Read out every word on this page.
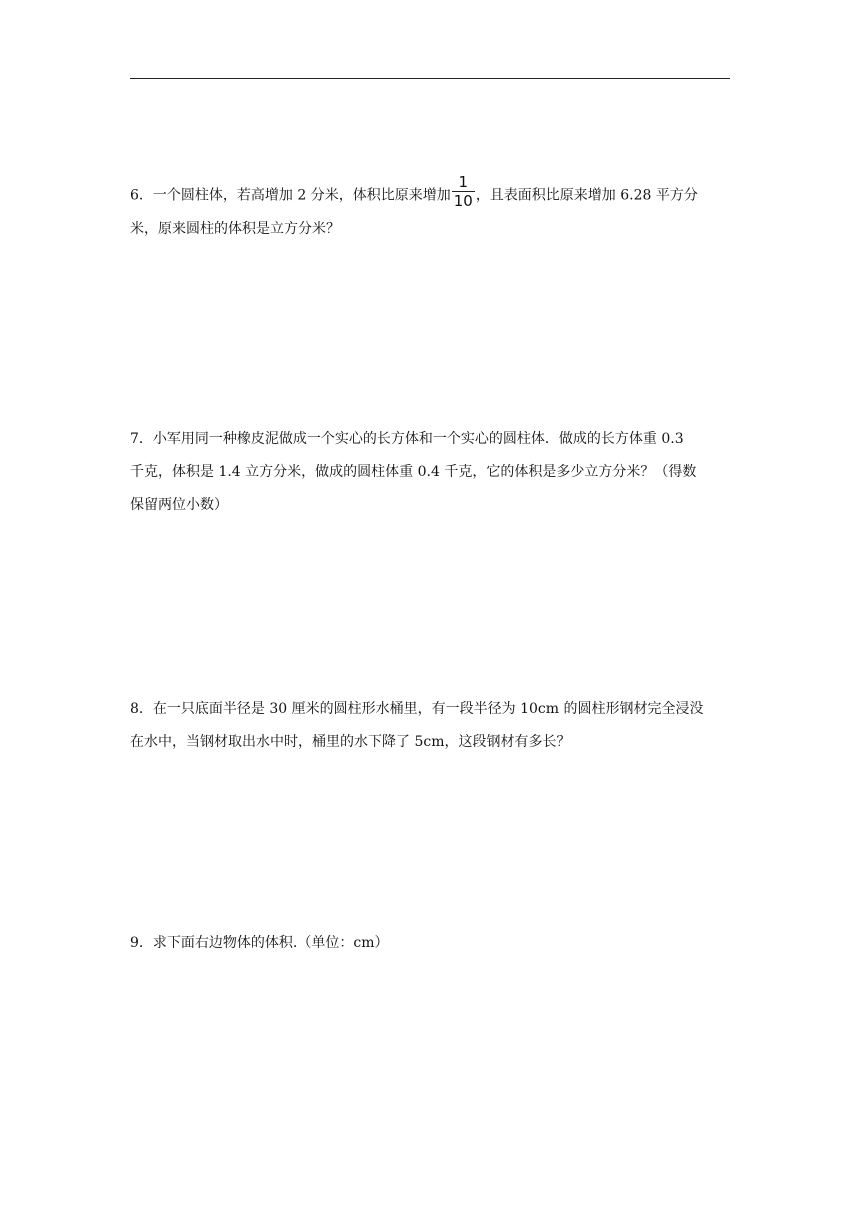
6．一个圆柱体，若高增加 2 分米，体积比原来增加 $\frac{1}{10}$ ，且表面积比原来增加 6.28 平方分
米，原来圆柱的体积是立方分米？
7．小军用同一种橡皮泥做成一个实心的长方体和一个实心的圆柱体．做成的长方体重 0.3
千克，体积是 1.4 立方分米，做成的圆柱体重 0.4 千克，它的体积是多少立方分米？（得数
保留两位小数）
8．在一只底面半径是 30 厘米的圆柱形水桶里，有一段半径为 10cm 的圆柱形钢材完全浸没
在水中，当钢材取出水中时，桶里的水下降了 5cm，这段钢材有多长？
9．求下面右边物体的体积.（单位：cm）
